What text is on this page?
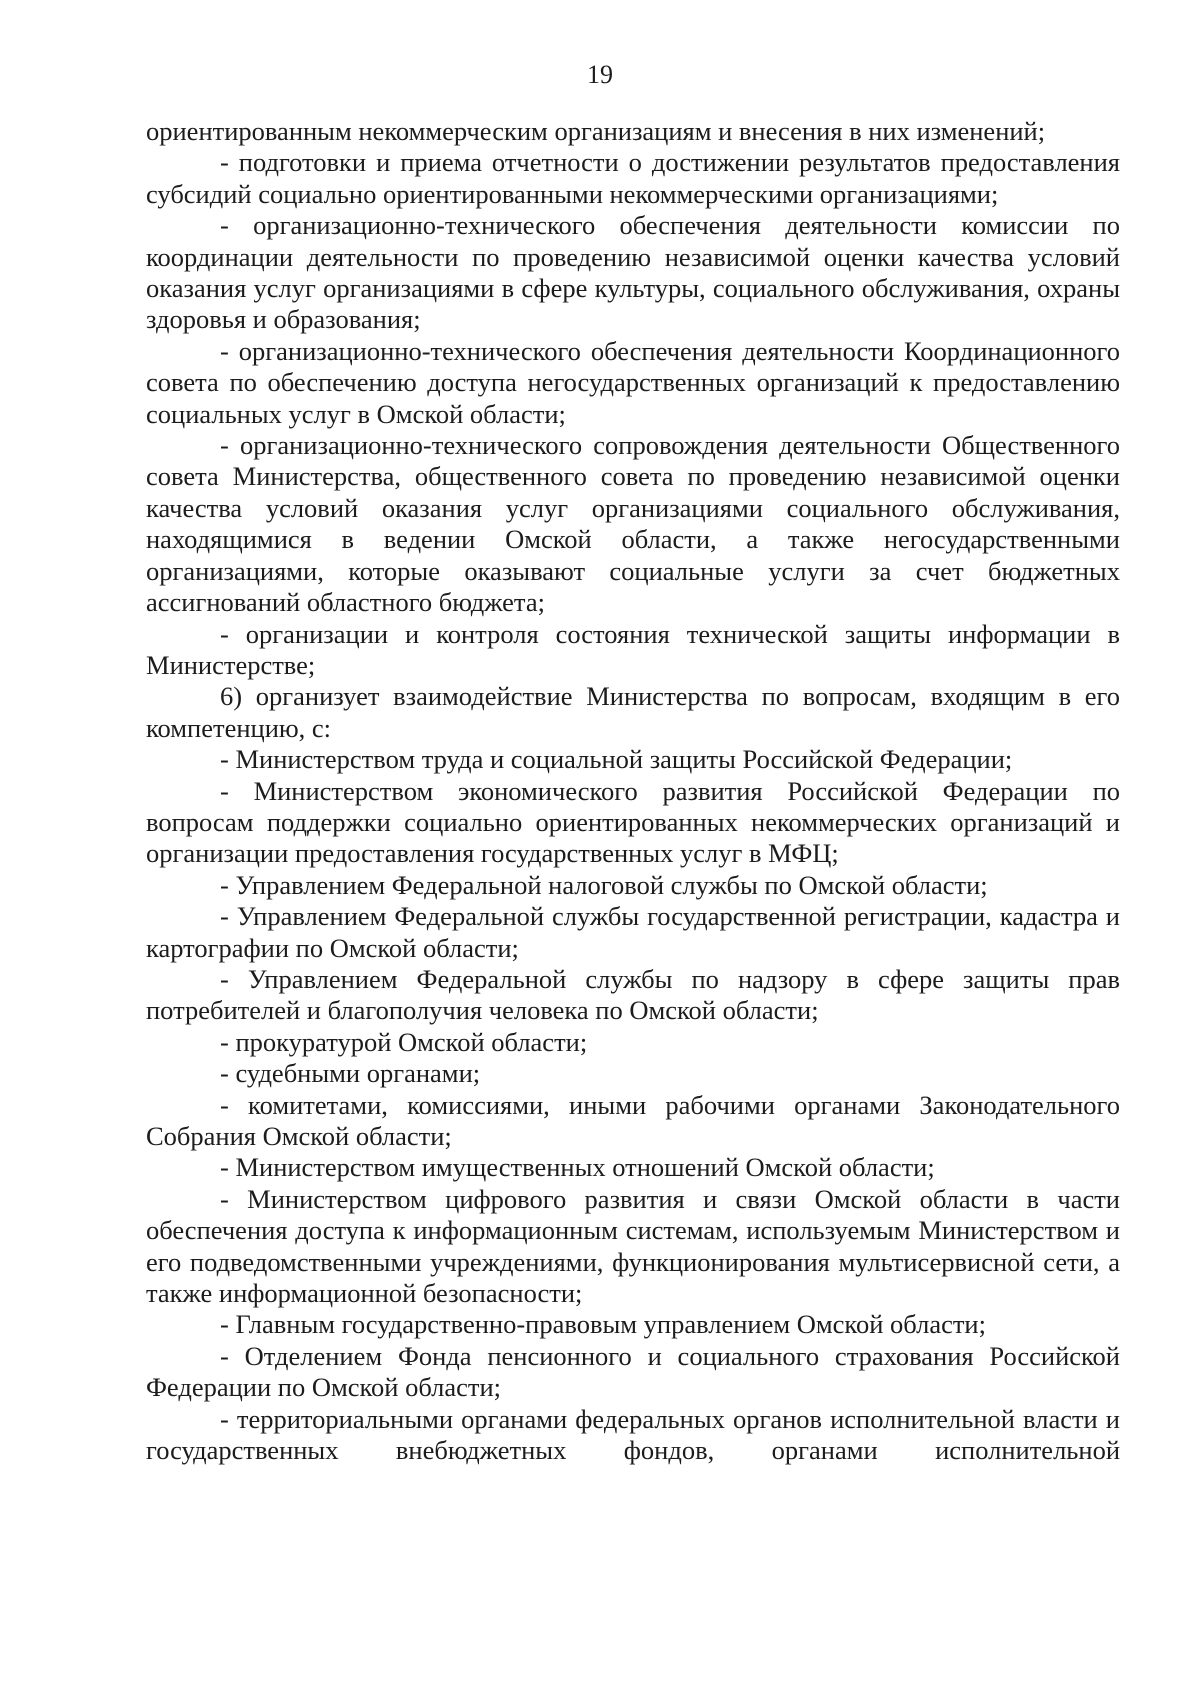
19

ориентированным некоммерческим организациям и внесения в них изменений;

- подготовки и приема отчетности о достижении результатов предоставления субсидий социально ориентированными некоммерческими организациями;

- организационно-технического обеспечения деятельности комиссии по координации деятельности по проведению независимой оценки качества условий оказания услуг организациями в сфере культуры, социального обслуживания, охраны здоровья и образования;

- организационно-технического обеспечения деятельности Координационного совета по обеспечению доступа негосударственных организаций к предоставлению социальных услуг в Омской области;

- организационно-технического сопровождения деятельности Общественного совета Министерства, общественного совета по проведению независимой оценки качества условий оказания услуг организациями социального обслуживания, находящимися в ведении Омской области, а также негосударственными организациями, которые оказывают социальные услуги за счет бюджетных ассигнований областного бюджета;

- организации и контроля состояния технической защиты информации в Министерстве;

6) организует взаимодействие Министерства по вопросам, входящим в его компетенцию, с:

- Министерством труда и социальной защиты Российской Федерации;

- Министерством экономического развития Российской Федерации по вопросам поддержки социально ориентированных некоммерческих организаций и организации предоставления государственных услуг в МФЦ;

- Управлением Федеральной налоговой службы по Омской области;

- Управлением Федеральной службы государственной регистрации, кадастра и картографии по Омской области;

- Управлением Федеральной службы по надзору в сфере защиты прав потребителей и благополучия человека по Омской области;

- прокуратурой Омской области;

- судебными органами;

- комитетами, комиссиями, иными рабочими органами Законодательного Собрания Омской области;

- Министерством имущественных отношений Омской области;

- Министерством цифрового развития и связи Омской области в части обеспечения доступа к информационным системам, используемым Министерством и его подведомственными учреждениями, функционирования мультисервисной сети, а также информационной безопасности;

- Главным государственно-правовым управлением Омской области;

- Отделением Фонда пенсионного и социального страхования Российской Федерации по Омской области;

- территориальными органами федеральных органов исполнительной власти и государственных внебюджетных фондов, органами исполнительной
